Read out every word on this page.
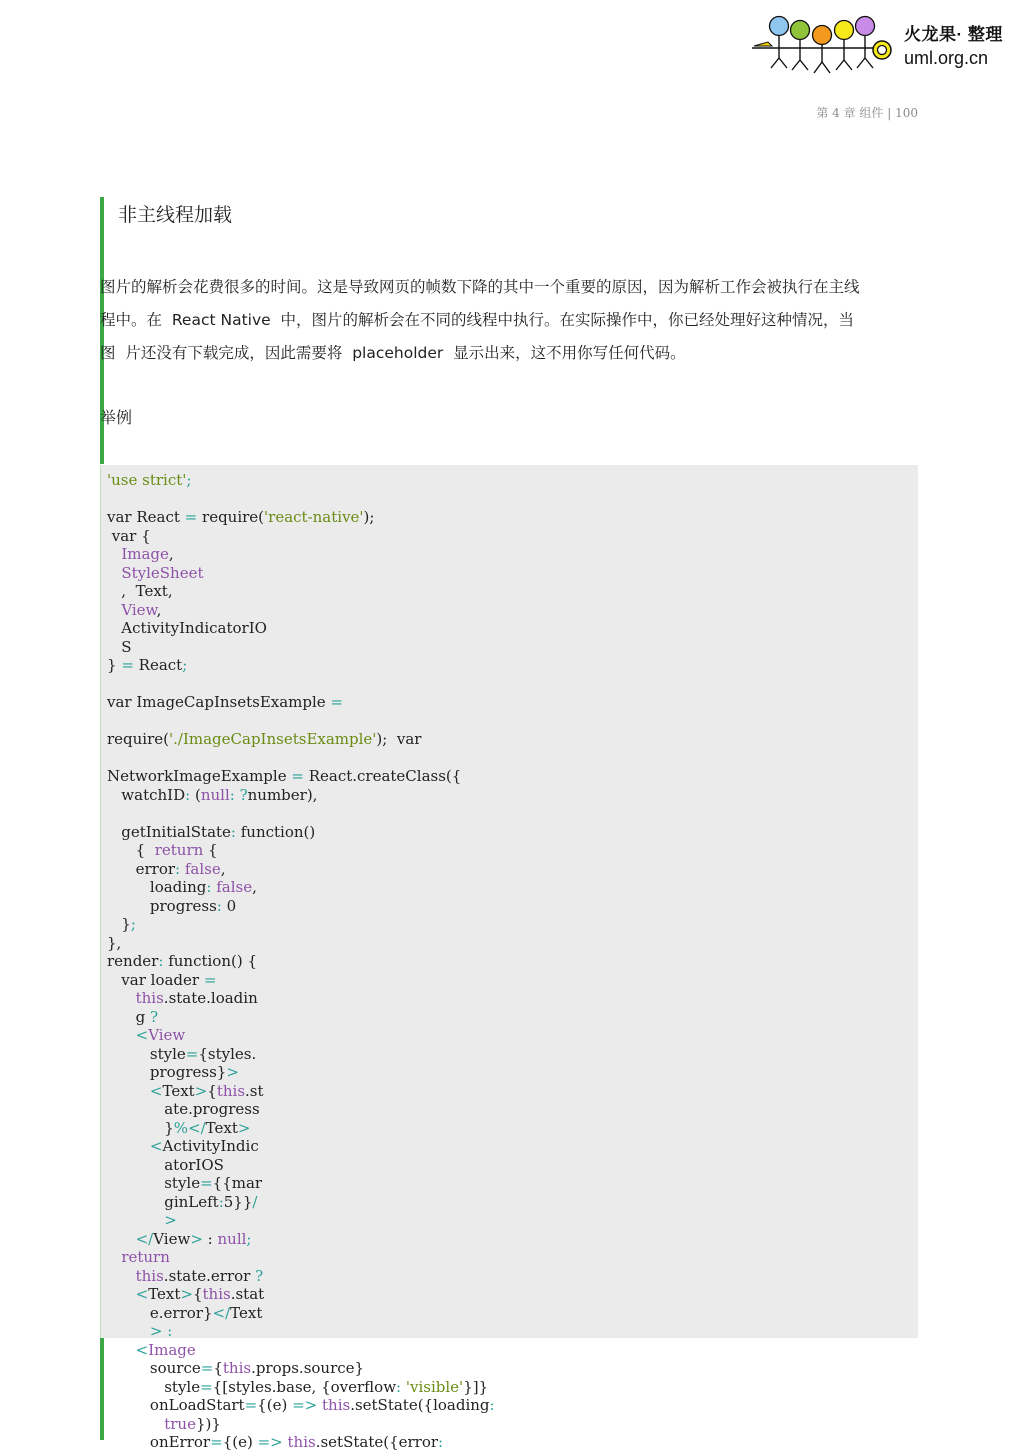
火龙果· 整理
uml.org.cn
第 4 章 组件 | 100
非主线程加载
图片的解析会花费很多的时间。这是导致网页的帧数下降的其中一个重要的原因，因为解析工作会被执行在主线
程中。在  React Native  中，图片的解析会在不同的线程中执行。在实际操作中，你已经处理好这种情况，当
图  片还没有下载完成，因此需要将  placeholder  显示出来，这不用你写任何代码。
举例
'use strict';
var React = require('react-native');
var {
Image,
StyleSheet
,  Text,
View,
ActivityIndicatorIO
S
} = React;
var ImageCapInsetsExample =
require('./ImageCapInsetsExample');  var
NetworkImageExample = React.createClass({
watchID: (null: ?number),
getInitialState: function()
{  return {
error: false,
loading: false,
progress: 0
};
},
render: function() {
var loader =
this.state.loadin
g ?
<View
style={styles.
progress}>
<Text>{this.st
ate.progress
}%</Text>
<ActivityIndic
atorIOS
style={{mar
ginLeft:5}}/
>
</View> : null;
return
this.state.error ?
<Text>{this.stat
e.error}</Text
> :
<Image
source={this.props.source}
style={[styles.base, {overflow: 'visible'}]}
onLoadStart={(e) => this.setState({loading:
true})}
onError={(e) => this.setState({error:
